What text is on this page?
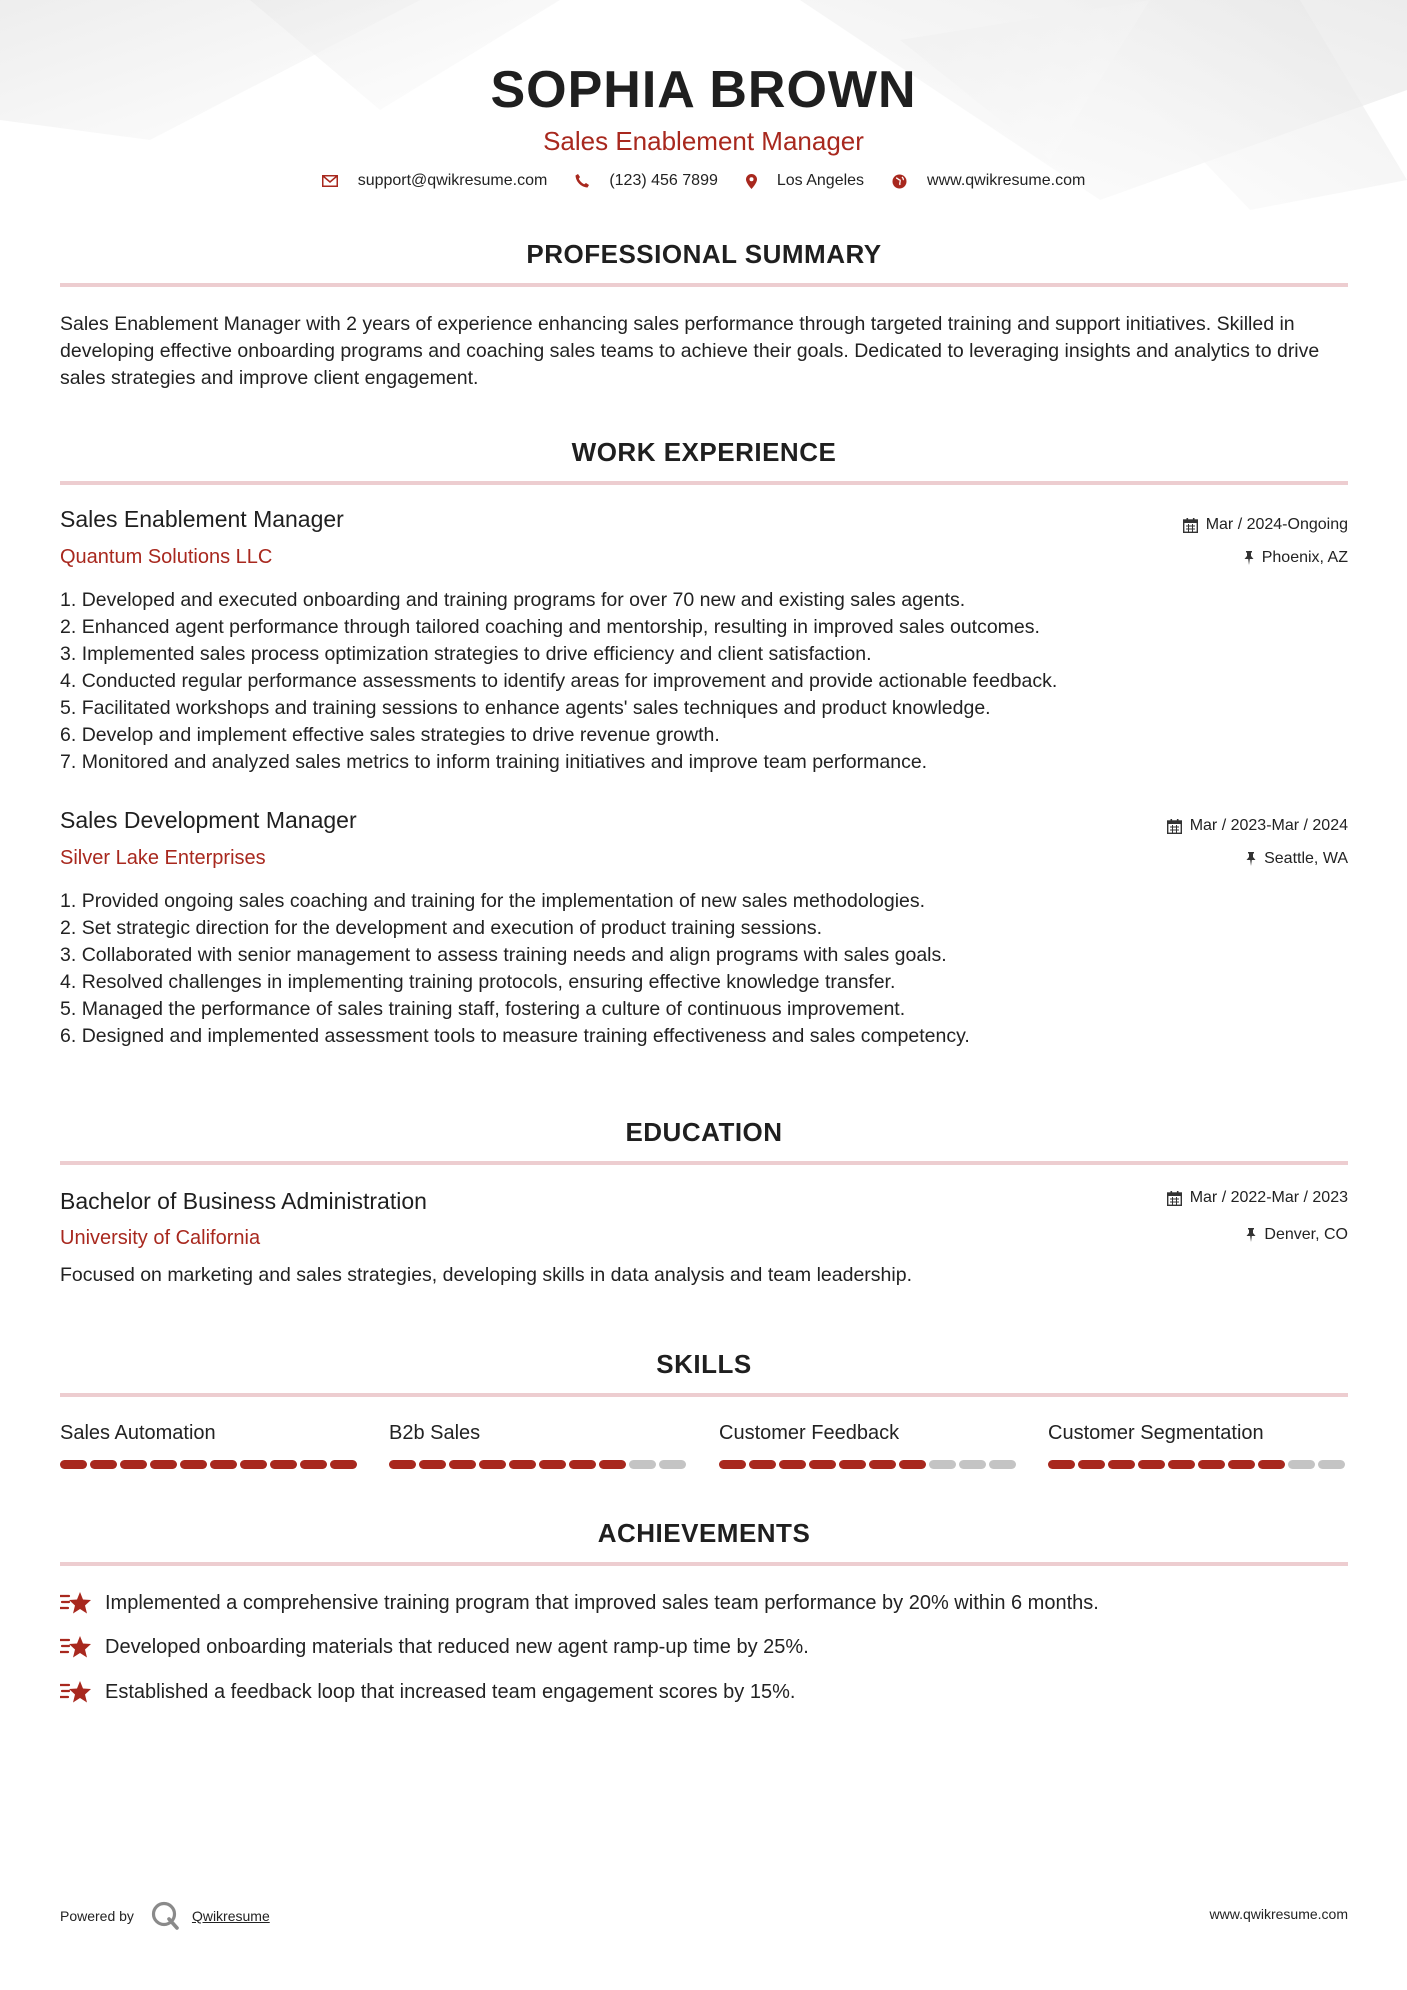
SOPHIA BROWN
Sales Enablement Manager
support@qwikresume.com	(123) 456 7899	Los Angeles	www.qwikresume.com
PROFESSIONAL SUMMARY
Sales Enablement Manager with 2 years of experience enhancing sales performance through targeted training and support initiatives. Skilled in developing effective onboarding programs and coaching sales teams to achieve their goals. Dedicated to leveraging insights and analytics to drive sales strategies and improve client engagement.
WORK EXPERIENCE
Sales Enablement Manager
Quantum Solutions LLC
Mar / 2024-Ongoing
Phoenix, AZ
Developed and executed onboarding and training programs for over 70 new and existing sales agents.
Enhanced agent performance through tailored coaching and mentorship, resulting in improved sales outcomes.
Implemented sales process optimization strategies to drive efficiency and client satisfaction.
Conducted regular performance assessments to identify areas for improvement and provide actionable feedback.
Facilitated workshops and training sessions to enhance agents' sales techniques and product knowledge.
Develop and implement effective sales strategies to drive revenue growth.
Monitored and analyzed sales metrics to inform training initiatives and improve team performance.
Sales Development Manager
Silver Lake Enterprises
Mar / 2023-Mar / 2024
Seattle, WA
Provided ongoing sales coaching and training for the implementation of new sales methodologies.
Set strategic direction for the development and execution of product training sessions.
Collaborated with senior management to assess training needs and align programs with sales goals.
Resolved challenges in implementing training protocols, ensuring effective knowledge transfer.
Managed the performance of sales training staff, fostering a culture of continuous improvement.
Designed and implemented assessment tools to measure training effectiveness and sales competency.
EDUCATION
Bachelor of Business Administration
University of California
Mar / 2022-Mar / 2023
Denver, CO
Focused on marketing and sales strategies, developing skills in data analysis and team leadership.
SKILLS
Sales Automation	B2b Sales	Customer Feedback	Customer Segmentation
ACHIEVEMENTS
Implemented a comprehensive training program that improved sales team performance by 20% within 6 months.
Developed onboarding materials that reduced new agent ramp-up time by 25%.
Established a feedback loop that increased team engagement scores by 15%.
Powered by	Qwikresume	www.qwikresume.com
